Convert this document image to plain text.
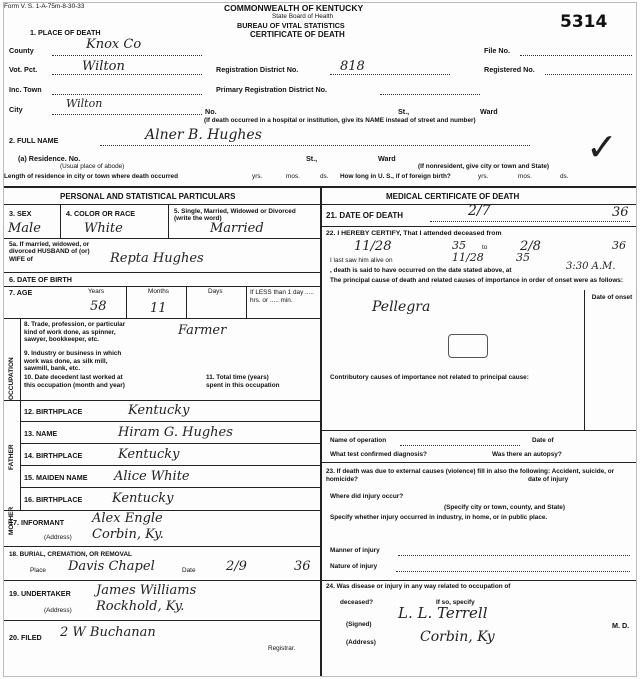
Form V. S. 1-A-75m-8-30-33	COMMONWEALTH OF KENTUCKY
State Board of Health
BUREAU OF VITAL STATISTICS
CERTIFICATE OF DEATH
5314
1. PLACE OF DEATH
County	Knox Co
Vot. Pct.	Wilton
Inc. Town
City	Wilton
Registration District No.	818
Primary Registration District No.
No.	St.,	Ward
(If death occurred in a hospital or institution, give its NAME instead of street and number)
File No.
Registered No.
2. FULL NAME	Alner B. Hughes	✓
(a) Residence. No.
(Usual place of abode)
St.,	Ward
(If nonresident, give city or town and State)
Length of residence in city or town where death occurred	yrs.	mos.	ds. How long in U. S., if of foreign birth?	yrs.	mos.	ds.
PERSONAL AND STATISTICAL PARTICULARS
3. SEX	4. COLOR OR RACE	5. Single, Married, Widowed or Divorced (write the word)
Male	White	Married
5a. If married, widowed, or divorced HUSBAND of (or) WIFE of	Repta Hughes
6. DATE OF BIRTH
7. AGE	Years	Months	Days	If LESS than 1 day ..... hrs. or ..... min.
58	11
OCCUPATION
8. Trade, profession, or particular kind of work done, as spinner, sawyer, bookkeeper, etc.
Farmer
9. Industry or business in which work was done, as silk mill, sawmill, bank, etc.
10. Date decedent last worked at this occupation (month and year)
11. Total time (years) spent in this occupation
FATHER
MOTHER
12. BIRTHPLACE	Kentucky
13. NAME	Hiram G. Hughes
14. BIRTHPLACE	Kentucky
15. MAIDEN NAME Alice White
16. BIRTHPLACE Kentucky
17. INFORMANT Alex Engle
(Address) Corbin, Ky.
18. BURIAL, CREMATION, OR REMOVAL
Place Davis Chapel	Date 2/9	36
19. UNDERTAKER James Williams
(Address) Rockhold, Ky.
20. FILED 2 W Buchanan
Registrar.
MEDICAL CERTIFICATE OF DEATH
21. DATE OF DEATH	2/7	36
22. I HEREBY CERTIFY, That I attended deceased from
11/28	35	to	2/8	36
I last saw him alive on	11/28	35
, death is said to have occurred on the date stated above, at	3:30 A.M.
The principal cause of death and related causes of importance in order of onset were as follows:
Date of onset
Pellegra
Contributory causes of importance not related to principal cause:
Name of operation	Date of
What test confirmed diagnosis?	Was there an autopsy?
23. If death was due to external causes (violence) fill in also the following: Accident, suicide, or homicide?	date of injury
Where did injury occur?
(Specify city or town, county, and State)
Specify whether injury occurred in industry, in home, or in public place.
Manner of injury
Nature of injury
24. Was disease or injury in any way related to occupation of
deceased?	If so, specify
(Signed)
L. L. Terrell
M. D.
(Address)	Corbin, Ky
